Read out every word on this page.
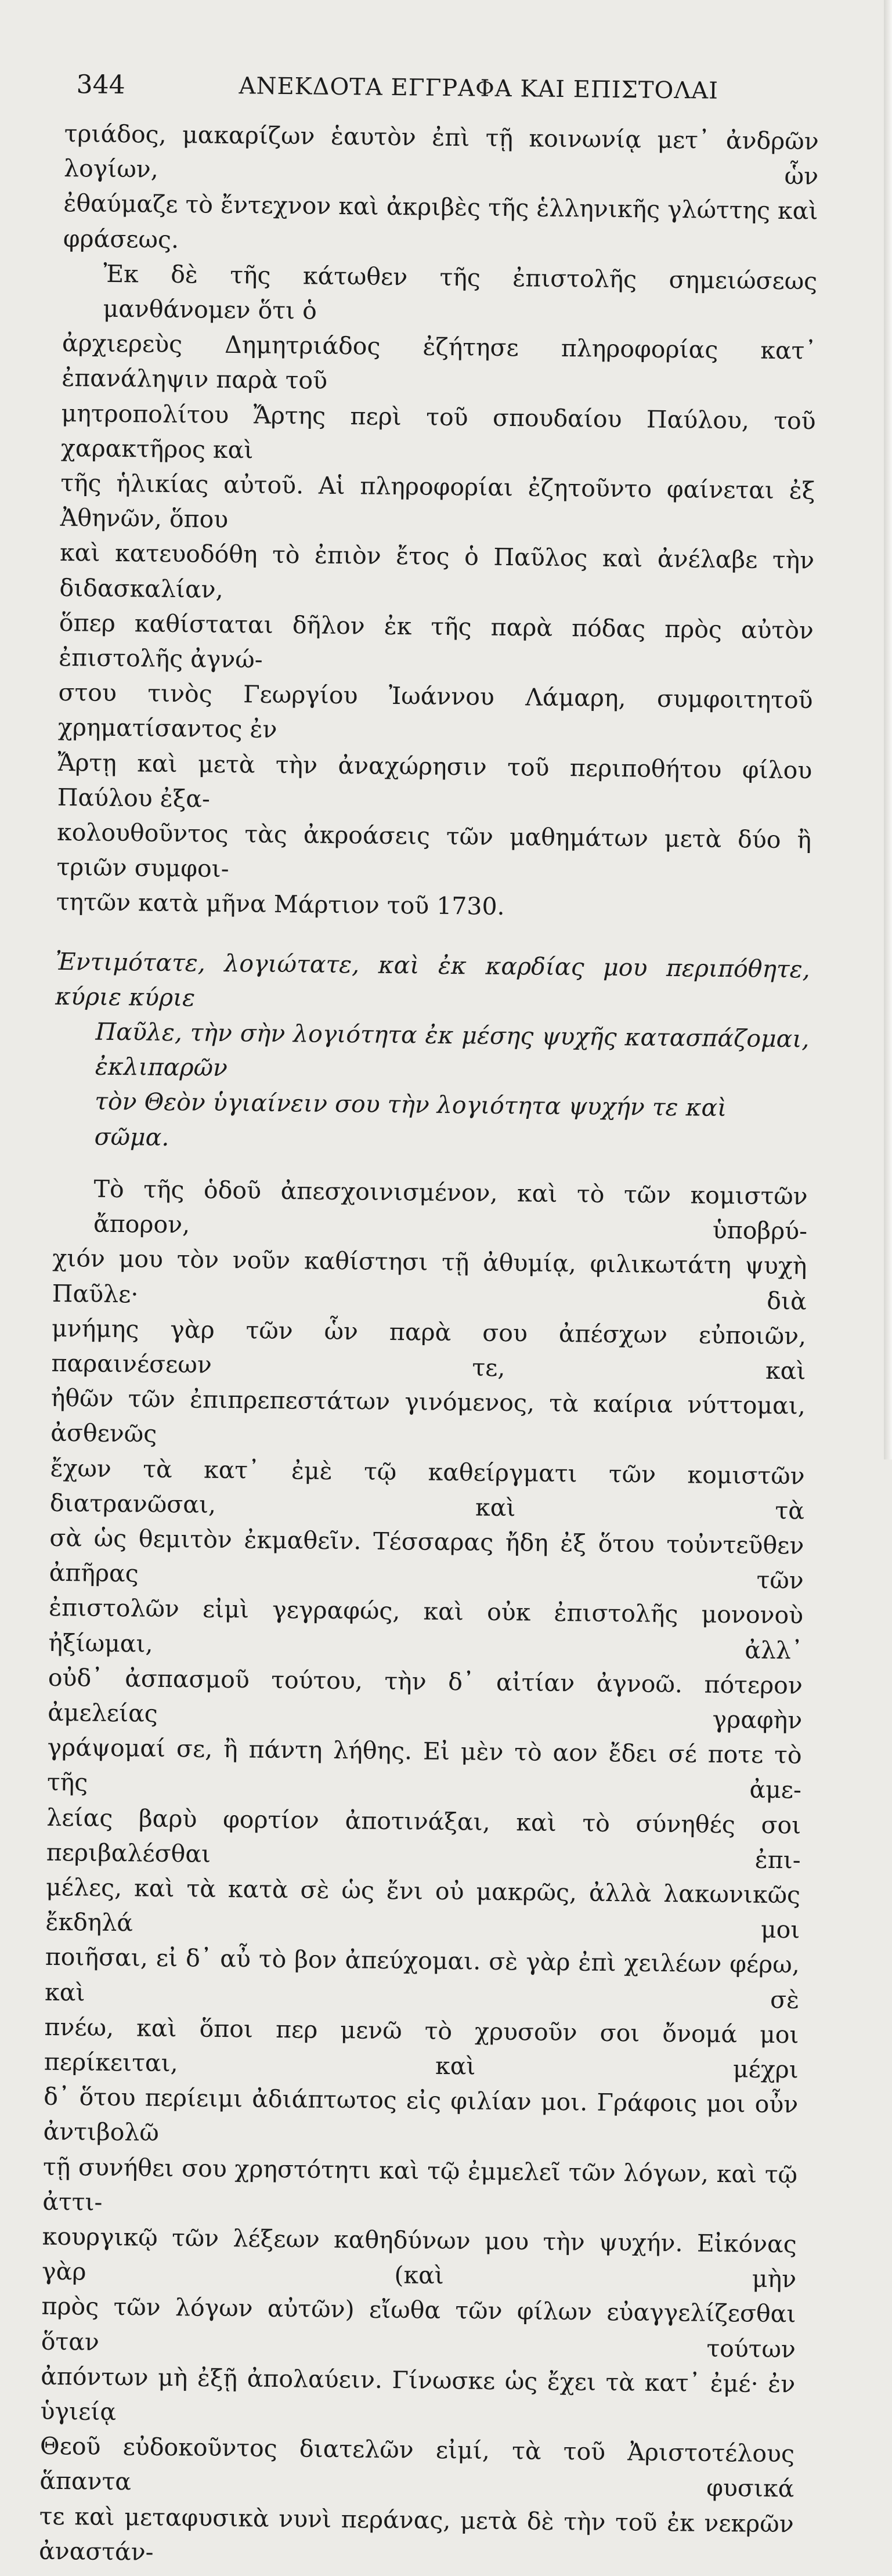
344	ΑΝΕΚΔΟΤΑ ΕΓΓΡΑΦΑ ΚΑΙ ΕΠΙΣΤΟΛΑΙ

τριάδος, μακαρίζων ἑαυτὸν ἐπὶ τῇ κοινωνίᾳ μετ᾽ ἀνδρῶν λογίων, ὧν
ἐθαύμαζε τὸ ἔντεχνον καὶ ἀκριβὲς τῆς ἑλληνικῆς γλώττης καὶ φράσεως.

Ἐκ δὲ τῆς κάτωθεν τῆς ἐπιστολῆς σημειώσεως μανθάνομεν ὅτι ὁ
ἀρχιερεὺς Δημητριάδος ἐζήτησε πληροφορίας κατ᾽ ἐπανάληψιν παρὰ τοῦ
μητροπολίτου Ἄρτης περὶ τοῦ σπουδαίου Παύλου, τοῦ χαρακτῆρος καὶ
τῆς ἡλικίας αὐτοῦ. Αἱ πληροφορίαι ἐζητοῦντο φαίνεται ἐξ Ἀθηνῶν, ὅπου
καὶ κατευοδόθη τὸ ἐπιὸν ἔτος ὁ Παῦλος καὶ ἀνέλαβε τὴν διδασκαλίαν,
ὅπερ καθίσταται δῆλον ἐκ τῆς παρὰ πόδας πρὸς αὐτὸν ἐπιστολῆς ἀγνώ-
στου τινὸς Γεωργίου Ἰωάννου Λάμαρη, συμφοιτητοῦ χρηματίσαντος ἐν
Ἄρτῃ καὶ μετὰ τὴν ἀναχώρησιν τοῦ περιποθήτου φίλου Παύλου ἐξα-
κολουθοῦντος τὰς ἀκροάσεις τῶν μαθημάτων μετὰ δύο ἢ τριῶν συμφοι-
τητῶν κατὰ μῆνα Μάρτιον τοῦ 1730.

Ἐντιμότατε, λογιώτατε, καὶ ἐκ καρδίας μου περιπόθητε, κύριε κύριε
Παῦλε, τὴν σὴν λογιότητα ἐκ μέσης ψυχῆς κατασπάζομαι, ἐκλιπαρῶν
τὸν Θεὸν ὑγιαίνειν σου τὴν λογιότητα ψυχήν τε καὶ σῶμα.

Τὸ τῆς ὁδοῦ ἀπεσχοινισμένον, καὶ τὸ τῶν κομιστῶν ἄπορον, ὑποβρύ-
χιόν μου τὸν νοῦν καθίστησι τῇ ἀθυμίᾳ, φιλικωτάτη ψυχὴ Παῦλε· διὰ
μνήμης γὰρ τῶν ὧν παρὰ σου ἀπέσχων εὐποιῶν, παραινέσεων τε, καὶ
ἠθῶν τῶν ἐπιπρεπεστάτων γινόμενος, τὰ καίρια νύττομαι, ἀσθενῶς
ἔχων τὰ κατ᾽ ἐμὲ τῷ καθείργματι τῶν κομιστῶν διατρανῶσαι, καὶ τὰ
σὰ ὡς θεμιτὸν ἐκμαθεῖν. Τέσσαρας ἤδη ἐξ ὅτου τοὐντεῦθεν ἀπῆρας τῶν
ἐπιστολῶν εἰμὶ γεγραφώς, καὶ οὐκ ἐπιστολῆς μονονοὺ ἠξίωμαι, ἀλλ᾽
οὐδ᾽ ἀσπασμοῦ τούτου, τὴν δ᾽ αἰτίαν ἀγνοῶ. πότερον ἀμελείας γραφὴν
γράψομαί σε, ἢ πάντη λήθης. Εἰ μὲν τὸ αον ἔδει σέ ποτε τὸ τῆς ἀμε-
λείας βαρὺ φορτίον ἀποτινάξαι, καὶ τὸ σύνηθές σοι περιβαλέσθαι ἐπι-
μέλες, καὶ τὰ κατὰ σὲ ὡς ἔνι οὐ μακρῶς, ἀλλὰ λακωνικῶς ἔκδηλά μοι
ποιῆσαι, εἰ δ᾽ αὖ τὸ βον ἀπεύχομαι. σὲ γὰρ ἐπὶ χειλέων φέρω, καὶ σὲ
πνέω, καὶ ὅποι περ μενῶ τὸ χρυσοῦν σοι ὄνομά μοι περίκειται, καὶ μέχρι
δ᾽ ὅτου περίειμι ἀδιάπτωτος εἰς φιλίαν μοι. Γράφοις μοι οὖν ἀντιβολῶ
τῇ συνήθει σου χρηστότητι καὶ τῷ ἐμμελεῖ τῶν λόγων, καὶ τῷ ἀττι-
κουργικῷ τῶν λέξεων καθηδύνων μου τὴν ψυχήν. Εἰκόνας γὰρ (καὶ μὴν
πρὸς τῶν λόγων αὐτῶν) εἴωθα τῶν φίλων εὐαγγελίζεσθαι ὅταν τούτων
ἀπόντων μὴ ἐξῇ ἀπολαύειν. Γίνωσκε ὡς ἔχει τὰ κατ᾽ ἐμέ· ἐν ὑγιείᾳ
Θεοῦ εὐδοκοῦντος διατελῶν εἰμί, τὰ τοῦ Ἀριστοτέλους ἅπαντα φυσικά
τε καὶ μεταφυσικὰ νυνὶ περάνας, μετὰ δὲ τὴν τοῦ ἐκ νεκρῶν ἀναστάν-
